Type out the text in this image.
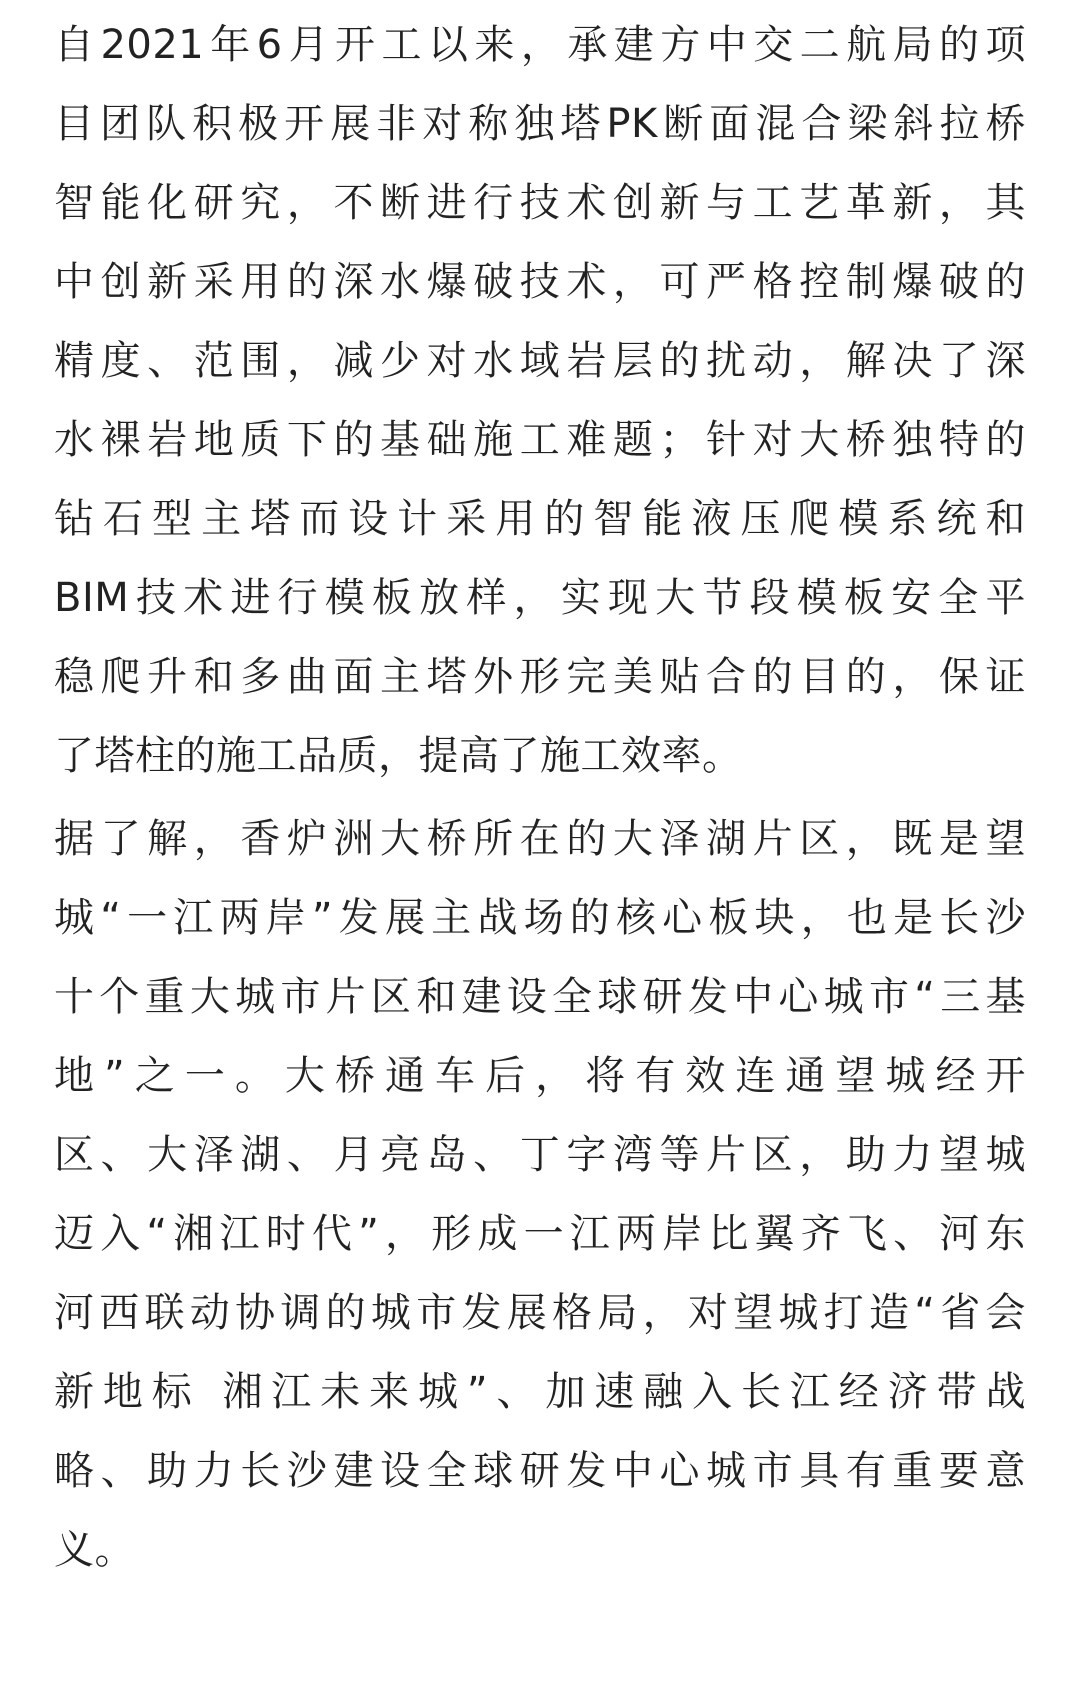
自2021年6月开工以来，承建方中交二航局的项
目团队积极开展非对称独塔PK断面混合梁斜拉桥
智能化研究，不断进行技术创新与工艺革新，其
中创新采用的深水爆破技术，可严格控制爆破的
精度、范围，减少对水域岩层的扰动，解决了深
水裸岩地质下的基础施工难题；针对大桥独特的
钻石型主塔而设计采用的智能液压爬模系统和
BIM技术进行模板放样，实现大节段模板安全平
稳爬升和多曲面主塔外形完美贴合的目的，保证
了塔柱的施工品质，提高了施工效率。

据了解，香炉洲大桥所在的大泽湖片区，既是望
城“一江两岸”发展主战场的核心板块，也是长沙
十个重大城市片区和建设全球研发中心城市“三基
地”之一。大桥通车后，将有效连通望城经开
区、大泽湖、月亮岛、丁字湾等片区，助力望城
迈入“湘江时代”，形成一江两岸比翼齐飞、河东
河西联动协调的城市发展格局，对望城打造“省会
新地标 湘江未来城”、加速融入长江经济带战
略、助力长沙建设全球研发中心城市具有重要意
义。
